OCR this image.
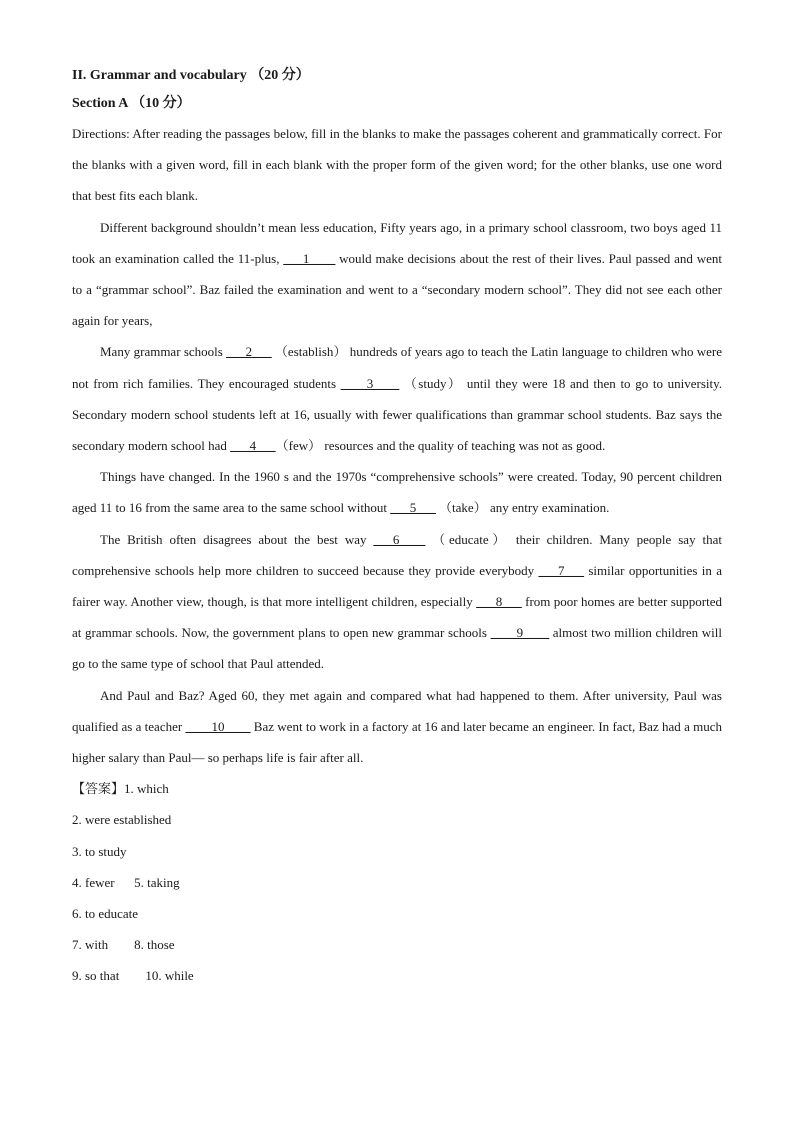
II. Grammar and vocabulary （20 分）
Section A （10 分）

Directions: After reading the passages below, fill in the blanks to make the passages coherent and grammatically correct. For the blanks with a given word, fill in each blank with the proper form of the given word; for the other blanks, use one word that best fits each blank.

Different background shouldn’t mean less education, Fifty years ago, in a primary school classroom, two boys aged 11 took an examination called the 11-plus, ___1____ would make decisions about the rest of their lives. Paul passed and went to a “grammar school”. Baz failed the examination and went to a “secondary modern school”. They did not see each other again for years,

Many grammar schools ___2___ （establish） hundreds of years ago to teach the Latin language to children who were not from rich families. They encouraged students ____3____ （study） until they were 18 and then to go to university. Secondary modern school students left at 16, usually with fewer qualifications than grammar school students. Baz says the secondary modern school had ___4___（few） resources and the quality of teaching was not as good.

Things have changed. In the 1960 s and the 1970s “comprehensive schools” were created. Today, 90 percent children aged 11 to 16 from the same area to the same school without ___5___ （take） any entry examination.

The British often disagrees about the best way ___6____ （educate） their children. Many people say that comprehensive schools help more children to succeed because they provide everybody ___7___ similar opportunities in a fairer way. Another view, though, is that more intelligent children, especially ___8___ from poor homes are better supported at grammar schools. Now, the government plans to open new grammar schools ____9____ almost two million children will go to the same type of school that Paul attended.

And Paul and Baz? Aged 60, they met again and compared what had happened to them. After university, Paul was qualified as a teacher ____10____ Baz went to work in a factory at 16 and later became an engineer. In fact, Baz had a much higher salary than Paul— so perhaps life is fair after all.

【答案】1. which
2. were established
3. to study
4. fewer 5. taking
6. to educate
7. with 8. those
9. so that 10. while
